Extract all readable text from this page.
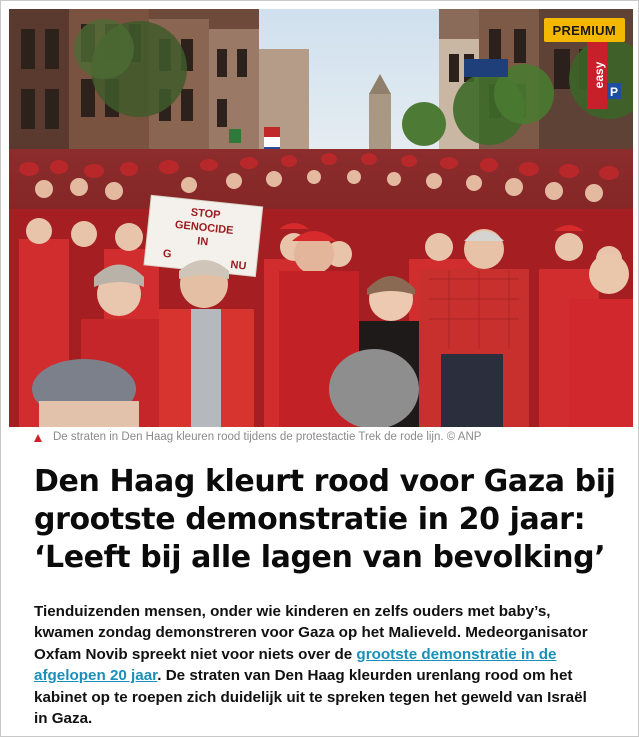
easy
P
STOP
GENOCIDE
IN
G
NU
PREMIUM
De straten in Den Haag kleuren rood tijdens de protestactie Trek de rode lijn. © ANP
Den Haag kleurt rood voor Gaza bij grootste demonstratie in 20 jaar: ‘Leeft bij alle lagen van bevolking’

Tienduizenden mensen, onder wie kinderen en zelfs ouders met baby’s, kwamen zondag demonstreren voor Gaza op het Malieveld. Medeorganisator Oxfam Novib spreekt niet voor niets over de grootste demonstratie in de afgelopen 20 jaar. De straten van Den Haag kleurden urenlang rood om het kabinet op te roepen zich duidelijk uit te spreken tegen het geweld van Israël in Gaza.
